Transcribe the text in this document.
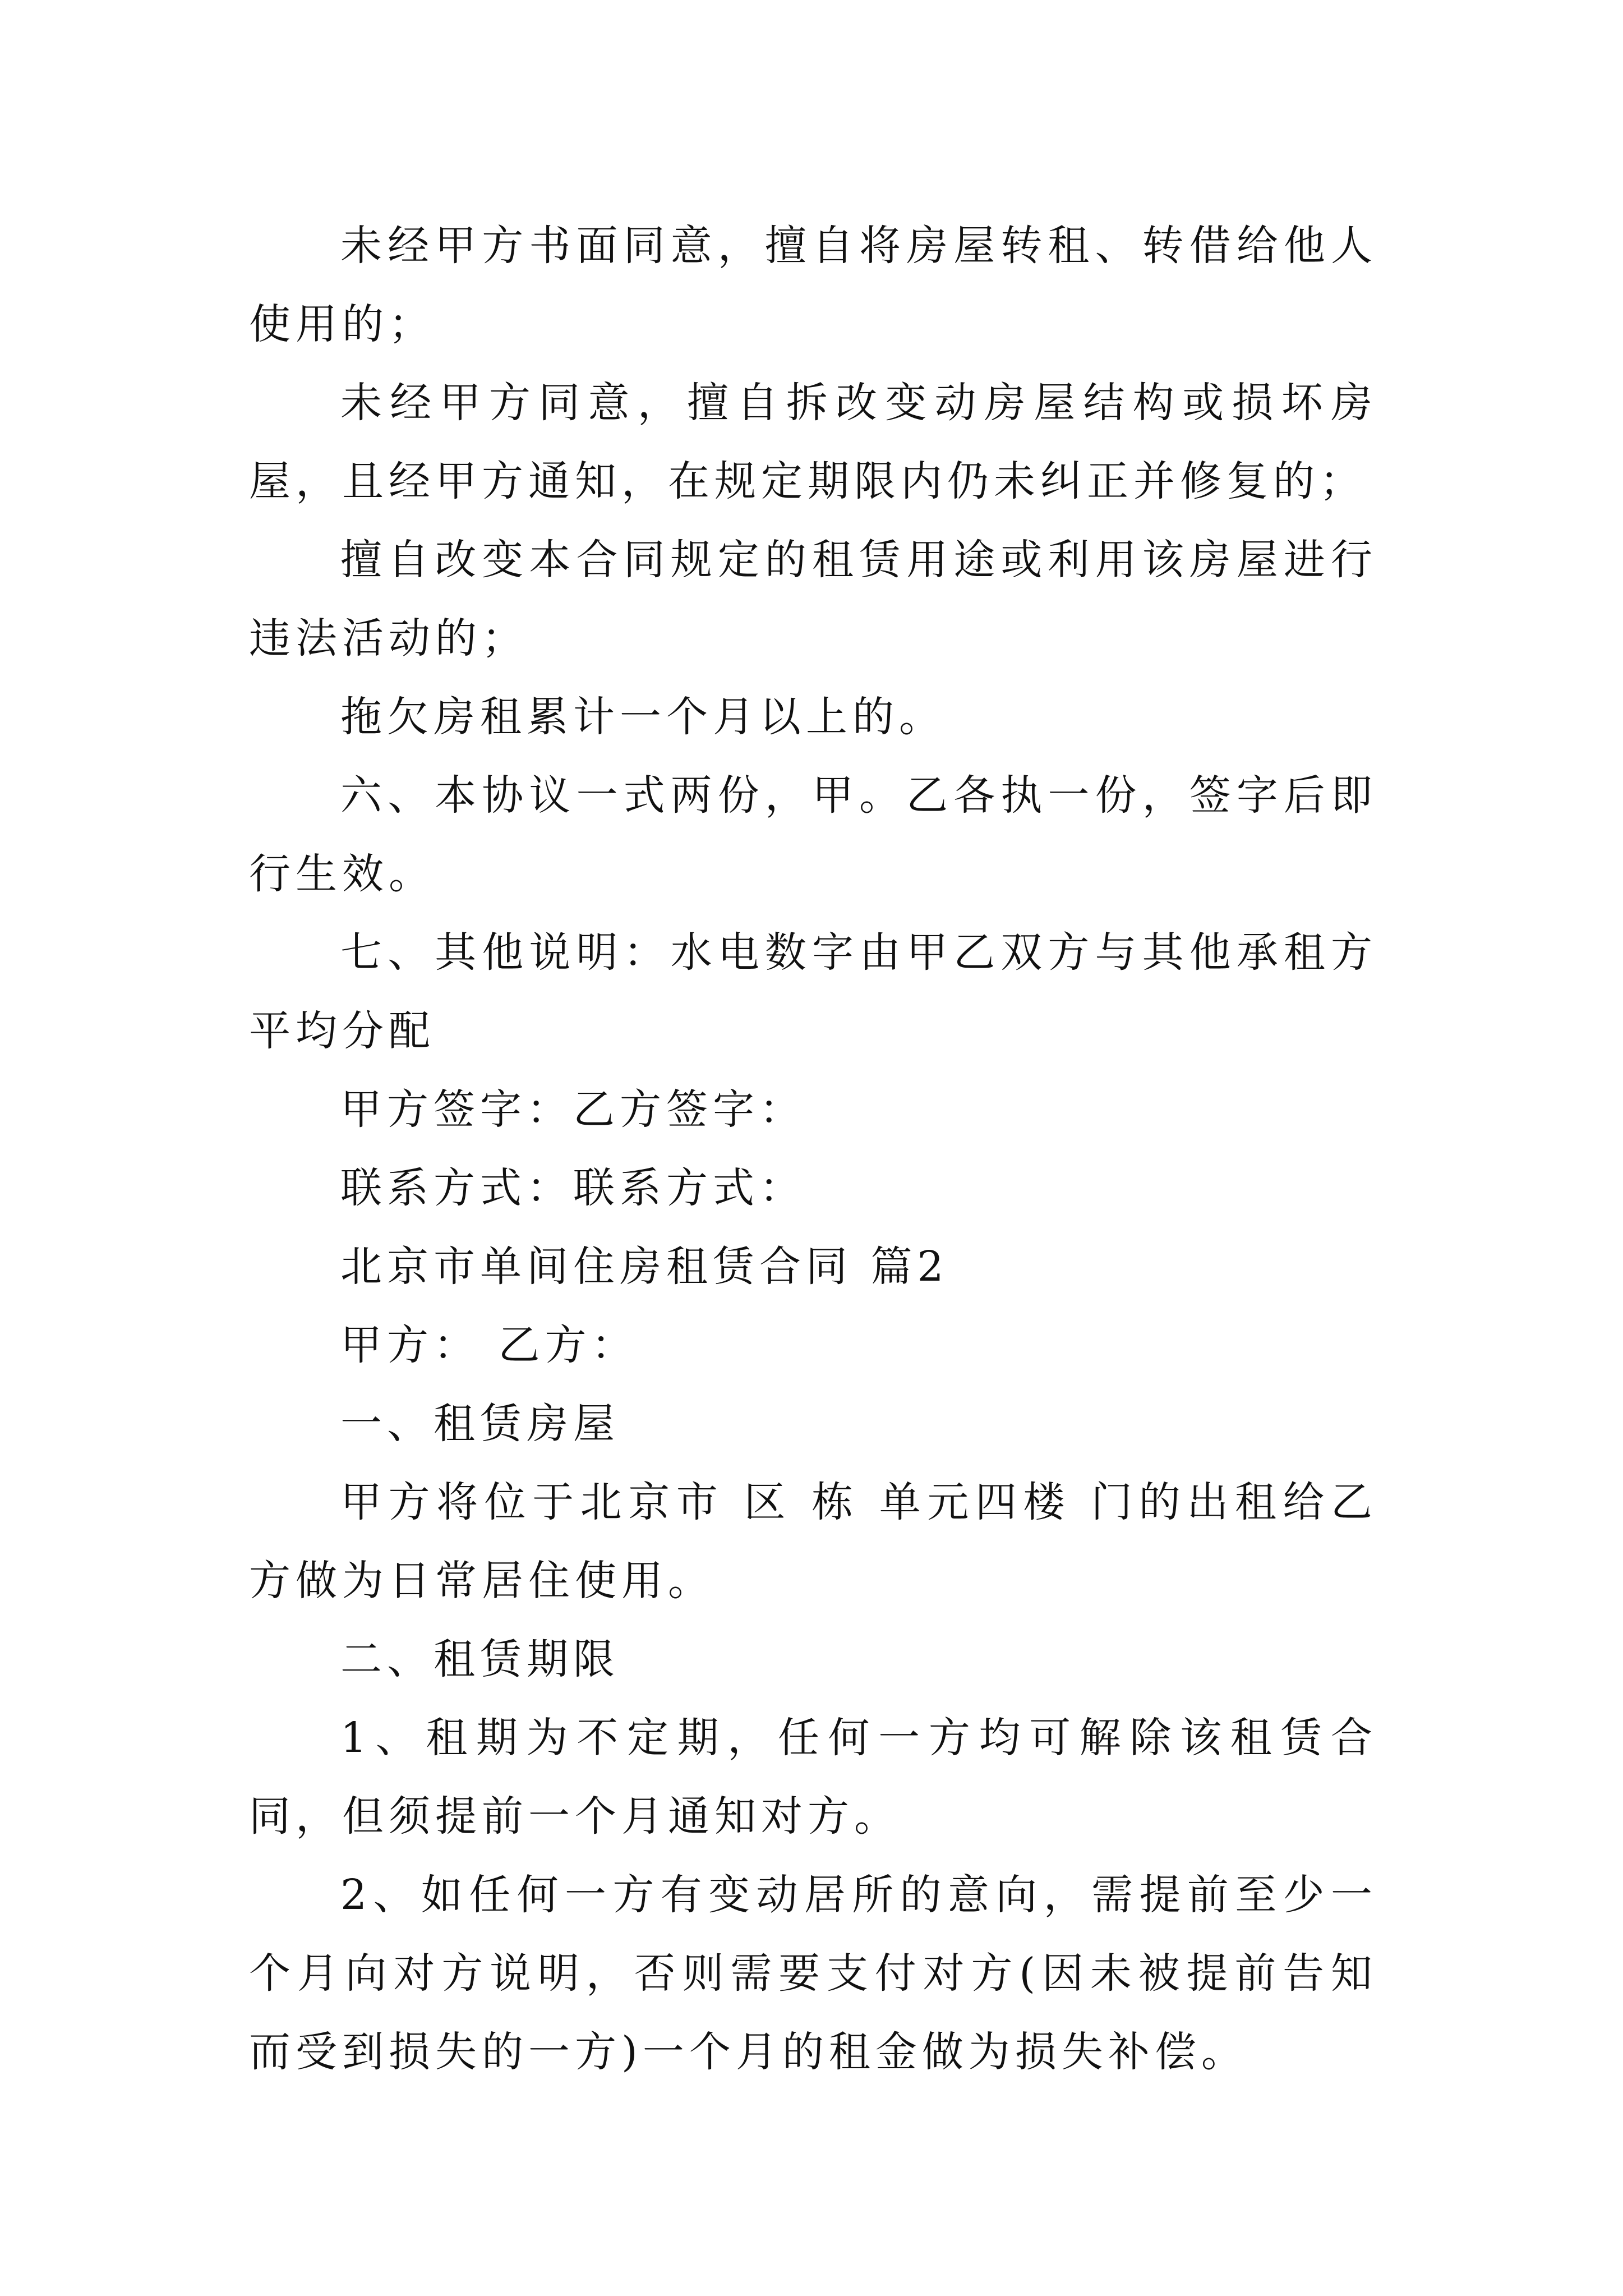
未经甲方书面同意，擅自将房屋转租、转借给他人使用的；

未经甲方同意，擅自拆改变动房屋结构或损坏房屋，且经甲方通知，在规定期限内仍未纠正并修复的；

擅自改变本合同规定的租赁用途或利用该房屋进行违法活动的；

拖欠房租累计一个月以上的。

六、本协议一式两份，甲。乙各执一份，签字后即行生效。

七、其他说明：水电数字由甲乙双方与其他承租方平均分配

甲方签字：乙方签字：

联系方式：联系方式：

北京市单间住房租赁合同 篇2

甲方： 乙方：

一、租赁房屋

甲方将位于北京市 区 栋 单元四楼 门的出租给乙方做为日常居住使用。

二、租赁期限

1、租期为不定期，任何一方均可解除该租赁合同，但须提前一个月通知对方。

2、如任何一方有变动居所的意向，需提前至少一个月向对方说明，否则需要支付对方(因未被提前告知而受到损失的一方)一个月的租金做为损失补偿。
